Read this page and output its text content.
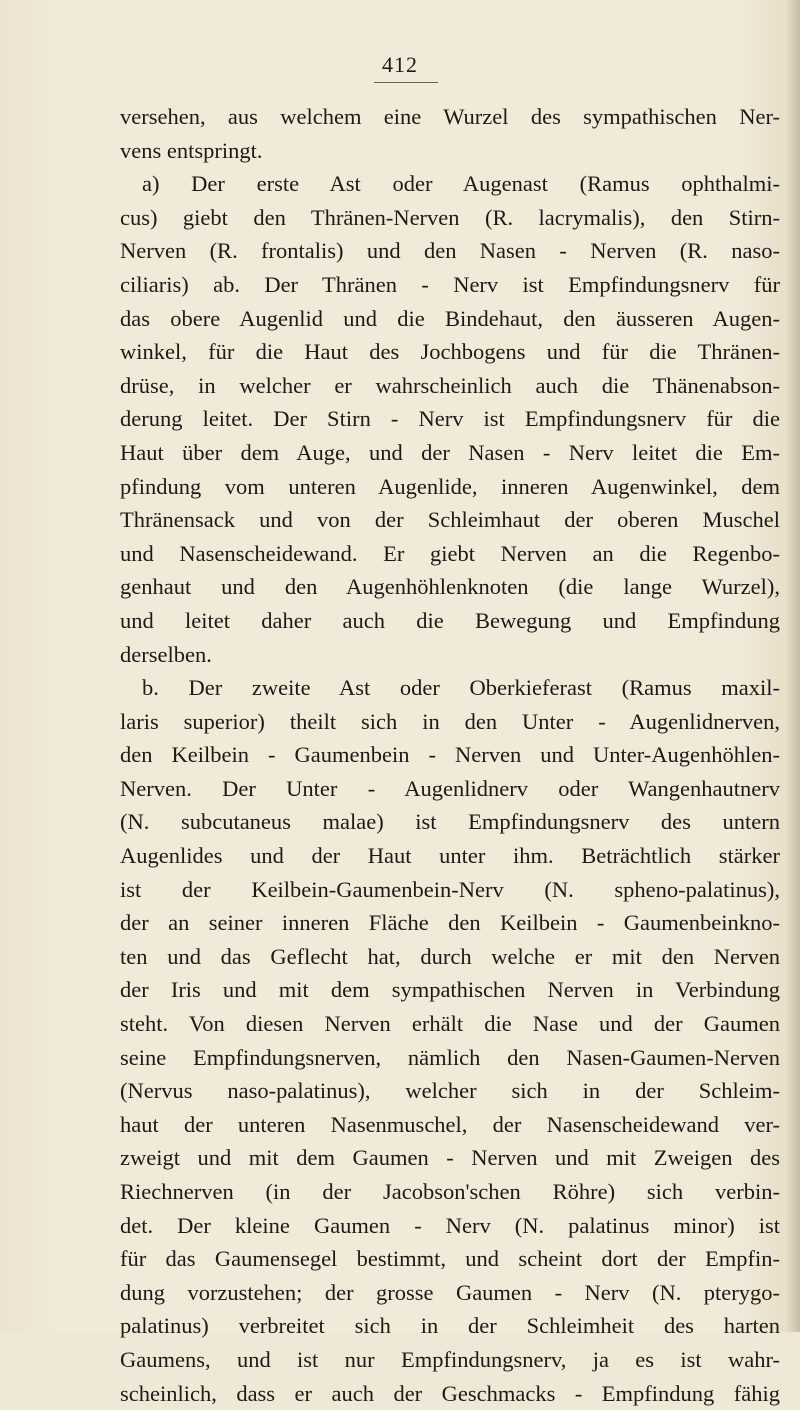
412
versehen, aus welchem eine Wurzel des sympathischen Ner-
vens entspringt.
a) Der erste Ast oder Augenast (Ramus ophthalmi-
cus) giebt den Thränen-Nerven (R. lacrymalis), den Stirn-
Nerven (R. frontalis) und den Nasen - Nerven (R. naso-
ciliaris) ab. Der Thränen - Nerv ist Empfindungsnerv für
das obere Augenlid und die Bindehaut, den äusseren Augen-
winkel, für die Haut des Jochbogens und für die Thränen-
drüse, in welcher er wahrscheinlich auch die Thänenabson-
derung leitet. Der Stirn - Nerv ist Empfindungsnerv für die
Haut über dem Auge, und der Nasen - Nerv leitet die Em-
pfindung vom unteren Augenlide, inneren Augenwinkel, dem
Thränensack und von der Schleimhaut der oberen Muschel
und Nasenscheidewand. Er giebt Nerven an die Regenbo-
genhaut und den Augenhöhlenknoten (die lange Wurzel),
und leitet daher auch die Bewegung und Empfindung
derselben.
b. Der zweite Ast oder Oberkieferast (Ramus maxil-
laris superior) theilt sich in den Unter - Augenlidnerven,
den Keilbein - Gaumenbein - Nerven und Unter-Augenhöhlen-
Nerven. Der Unter - Augenlidnerv oder Wangenhautnerv
(N. subcutaneus malae) ist Empfindungsnerv des untern
Augenlides und der Haut unter ihm. Beträchtlich stärker
ist der Keilbein-Gaumenbein-Nerv (N. spheno-palatinus),
der an seiner inneren Fläche den Keilbein - Gaumenbeinkno-
ten und das Geflecht hat, durch welche er mit den Nerven
der Iris und mit dem sympathischen Nerven in Verbindung
steht. Von diesen Nerven erhält die Nase und der Gaumen
seine Empfindungsnerven, nämlich den Nasen-Gaumen-Nerven
(Nervus naso-palatinus), welcher sich in der Schleim-
haut der unteren Nasenmuschel, der Nasenscheidewand ver-
zweigt und mit dem Gaumen - Nerven und mit Zweigen des
Riechnerven (in der Jacobson'schen Röhre) sich verbin-
det. Der kleine Gaumen - Nerv (N. palatinus minor) ist
für das Gaumensegel bestimmt, und scheint dort der Empfin-
dung vorzustehen; der grosse Gaumen - Nerv (N. pterygo-
palatinus) verbreitet sich in der Schleimheit des harten
Gaumens, und ist nur Empfindungsnerv, ja es ist wahr-
scheinlich, dass er auch der Geschmacks - Empfindung fähig
